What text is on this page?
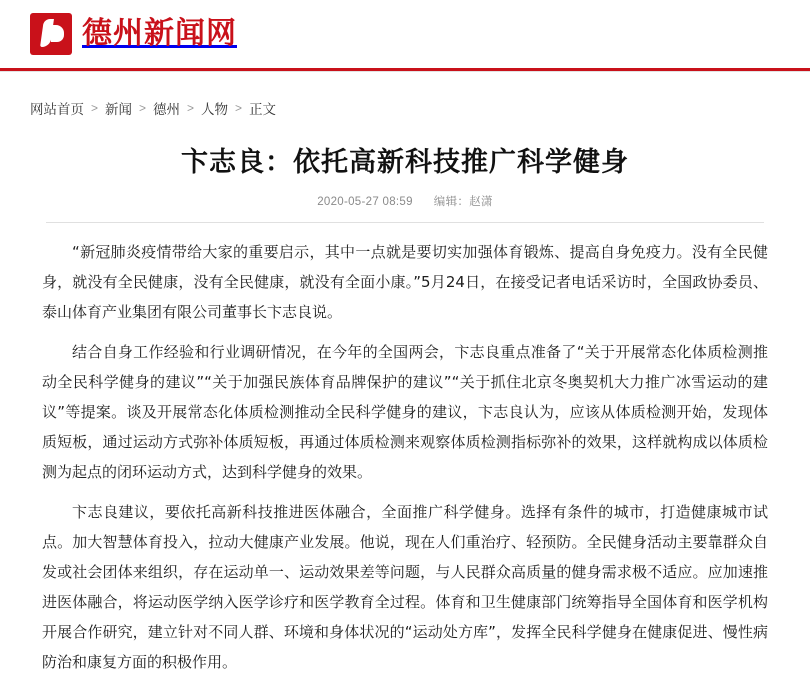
德州新闻网
网站首页 > 新闻 > 德州 > 人物 > 正文
卞志良：依托高新科技推广科学健身
2020-05-27 08:59 编辑：赵潇

“新冠肺炎疫情带给大家的重要启示，其中一点就是要切实加强体育锻炼、提高自身免疫力。没有全民健身，就没有全民健康，没有全民健康，就没有全面小康。”5月24日，在接受记者电话采访时，全国政协委员、泰山体育产业集团有限公司董事长卞志良说。

结合自身工作经验和行业调研情况，在今年的全国两会，卞志良重点准备了“关于开展常态化体质检测推动全民科学健身的建议”“关于加强民族体育品牌保护的建议”“关于抓住北京冬奥契机大力推广冰雪运动的建议”等提案。谈及开展常态化体质检测推动全民科学健身的建议，卞志良认为，应该从体质检测开始，发现体质短板，通过运动方式弥补体质短板，再通过体质检测来观察体质检测指标弥补的效果，这样就构成以体质检测为起点的闭环运动方式，达到科学健身的效果。

卞志良建议，要依托高新科技推进医体融合，全面推广科学健身。选择有条件的城市，打造健康城市试点。加大智慧体育投入，拉动大健康产业发展。他说，现在人们重治疗、轻预防。全民健身活动主要靠群众自发或社会团体来组织，存在运动单一、运动效果差等问题，与人民群众高质量的健身需求极不适应。应加速推进医体融合，将运动医学纳入医学诊疗和医学教育全过程。体育和卫生健康部门统筹指导全国体育和医学机构开展合作研究，建立针对不同人群、环境和身体状况的“运动处方库”，发挥全民科学健身在健康促进、慢性病防治和康复方面的积极作用。
